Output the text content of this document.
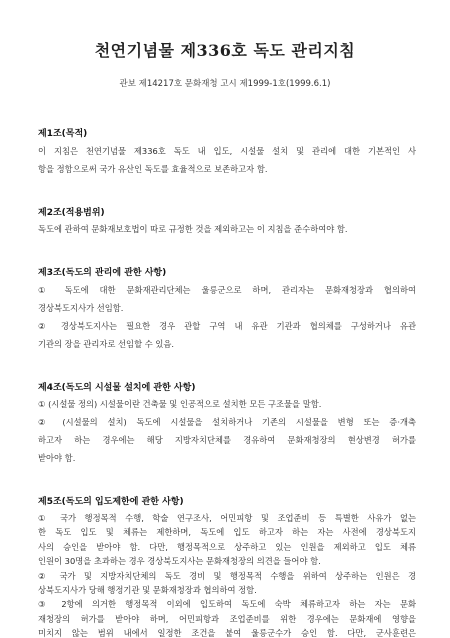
천연기념물 제336호 독도 관리지침
관보 제14217호 문화재청 고시 제1999-1호(1999.6.1)
제1조(목적)
이 지침은 천연기념물 제336호 독도 내 입도, 시설물 설치 및 관리에 대한 기본적인 사
항을 정함으로써 국가 유산인 독도를 효율적으로 보존하고자 함.
제2조(적용범위)
독도에 관하여 문화재보호법이 따로 규정한 것을 제외하고는 이 지침을 준수하여야 함.
제3조(독도의 관리에 관한 사항)
① 독도에 대한 문화재관리단체는 울릉군으로 하며, 관리자는 문화재청장과 협의하여
경상북도지사가 선임함.
② 경상북도지사는 필요한 경우 관할 구역 내 유관 기관과 협의체를 구성하거나 유관
기관의 장을 관리자로 선임할 수 있음.
제4조(독도의 시설물 설치에 관한 사항)
① (시설물 정의) 시설물이란 건축물 및 인공적으로 설치한 모든 구조물을 말함.
② (시설물의 설치) 독도에 시설물을 설치하거나 기존의 시설물을 변형 또는 증·개축
하고자 하는 경우에는 해당 지방자치단체를 경유하여 문화재청장의 현상변경 허가를
받아야 함.
제5조(독도의 입도제한에 관한 사항)
① 국가 행정목적 수행, 학술 연구조사, 어민피항 및 조업준비 등 특별한 사유가 없는
한 독도 입도 및 체류는 제한하며, 독도에 입도 하고자 하는 자는 사전에 경상북도지
사의 승인을 받아야 함. 다만, 행정목적으로 상주하고 있는 인원을 제외하고 입도 체류
인원이 30명을 초과하는 경우 경상북도지사는 문화재청장의 의견을 들어야 함.
② 국가 및 지방자치단체의 독도 경비 및 행정목적 수행을 위하여 상주하는 인원은 경
상북도지사가 당해 행정기관 및 문화재청장과 협의하여 정함.
③ 2항에 의거한 행정목적 이외에 입도하여 독도에 숙박 체류하고자 하는 자는 문화
재청장의 허가를 받아야 하며, 어민피항과 조업준비를 위한 경우에는 문화재에 영향을
미치지 않는 범위 내에서 일정한 조건을 붙여 울릉군수가 승인 함. 다만, 군사훈련은
